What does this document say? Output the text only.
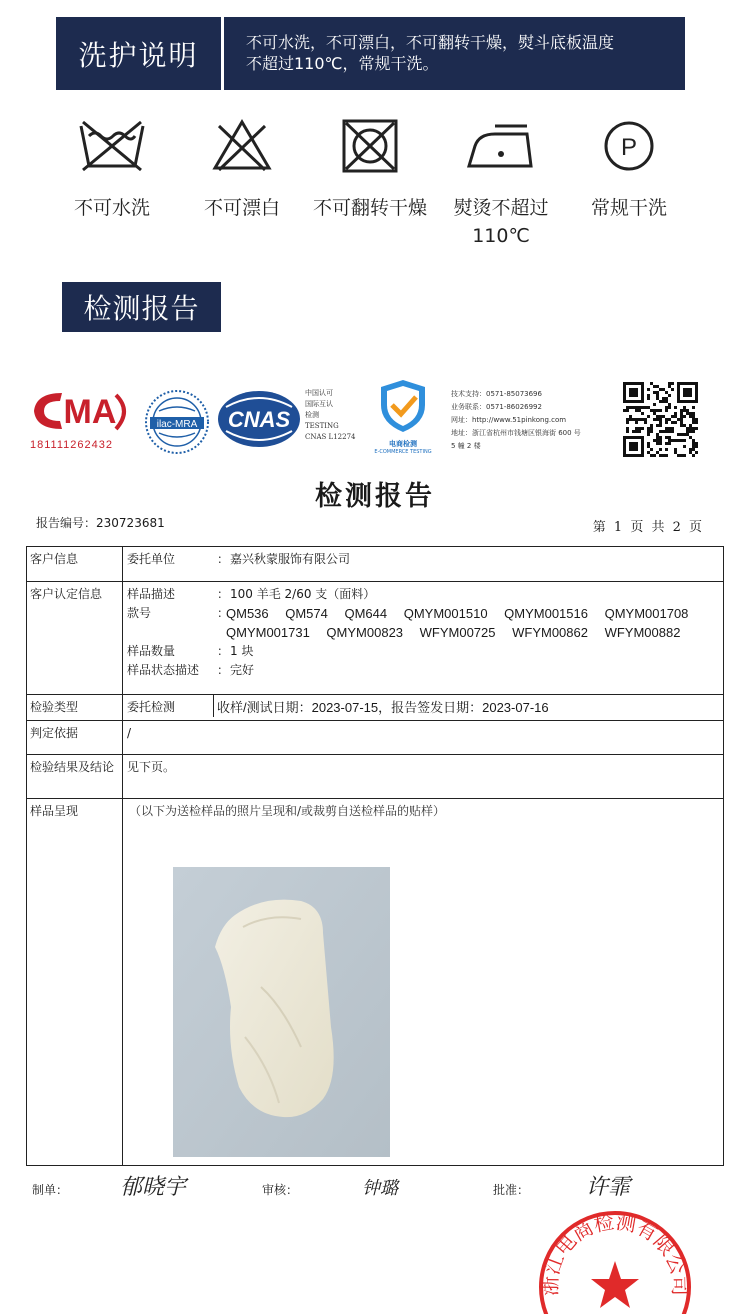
洗护说明	不可水洗，不可漂白，不可翻转干燥，熨斗底板温度
不超过110℃，常规干洗。
不可水洗	不可漂白	不可翻转干燥	熨烫不超过
110℃
P
常规干洗
检测报告
MA
181111262432
ilac-MRA CNAS
中国认可
国际互认
检测
TESTING
CNAS L12274
电商检测
E-COMMERCE TESTING
技术支持：0571-85073696
业务联系：0571-86026992
网址：http://www.51pinkong.com
地址：浙江省杭州市钱塘区银海街 600 号
5 幢 2 楼
检测报告
报告编号：230723681	第 1 页 共 2 页
客户信息	委托单位	： 嘉兴秋蒙服饰有限公司
客户认定信息	样品描述	： 100 羊毛 2/60 支（面料）
款号	：
QM536 QM574 QM644 QMYM001510 QMYM001516 QMYM001708
QMYM001731 QMYM00823 WFYM00725 WFYM00862 WFYM00882
样品数量	： 1 块
样品状态描述	： 完好
检验类型	委托检测	收样/测试日期：2023-07-15，报告签发日期：2023-07-16
判定依据	/
检验结果及结论	见下页。
样品呈现	（以下为送检样品的照片呈现和/或裁剪自送检样品的贴样）
制单： 郁晓宇	审核：	钟璐	批准：	许霏
浙江电商检测有限公司
